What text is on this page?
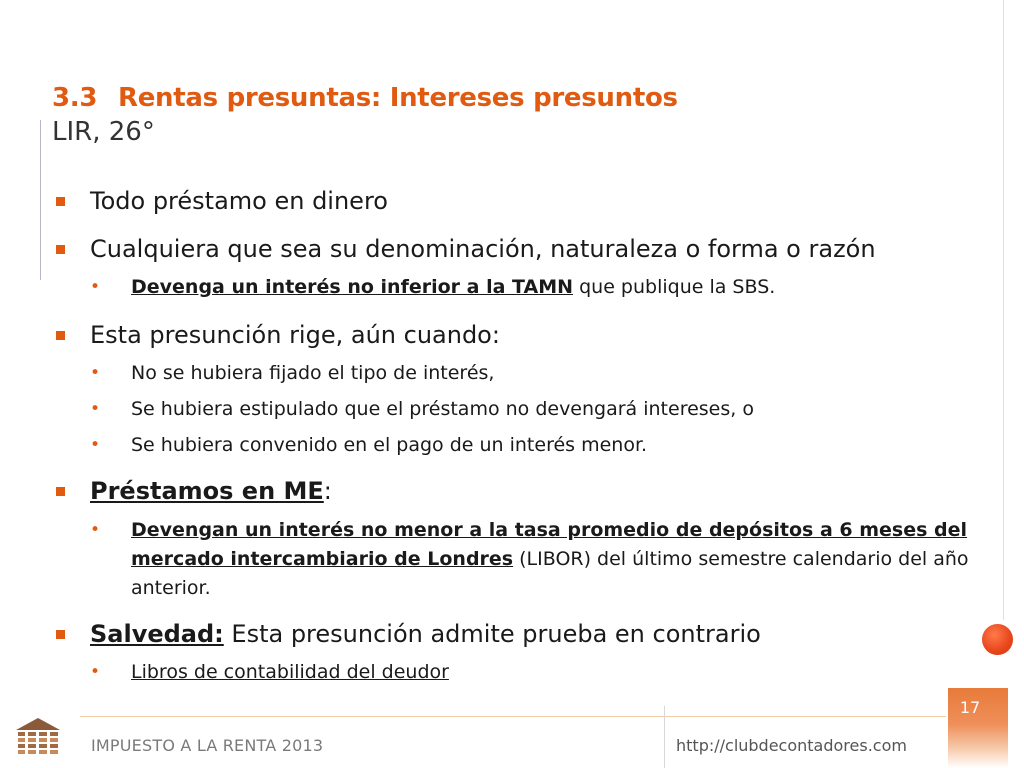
3.3 Rentas presuntas: Intereses presuntos
LIR, 26°
Todo préstamo en dinero
Cualquiera que sea su denominación, naturaleza o forma o razón
• Devenga un interés no inferior a la TAMN que publique la SBS.
Esta presunción rige, aún cuando:
• No se hubiera fijado el tipo de interés,
• Se hubiera estipulado que el préstamo no devengará intereses, o
• Se hubiera convenido en el pago de un interés menor.
Préstamos en ME:
• Devengan un interés no menor a la tasa promedio de depósitos a 6 meses del mercado intercambiario de Londres (LIBOR) del último semestre calendario del año anterior.
Salvedad: Esta presunción admite prueba en contrario
• Libros de contabilidad del deudor
IMPUESTO A LA RENTA 2013	http://clubdecontadores.com
17
